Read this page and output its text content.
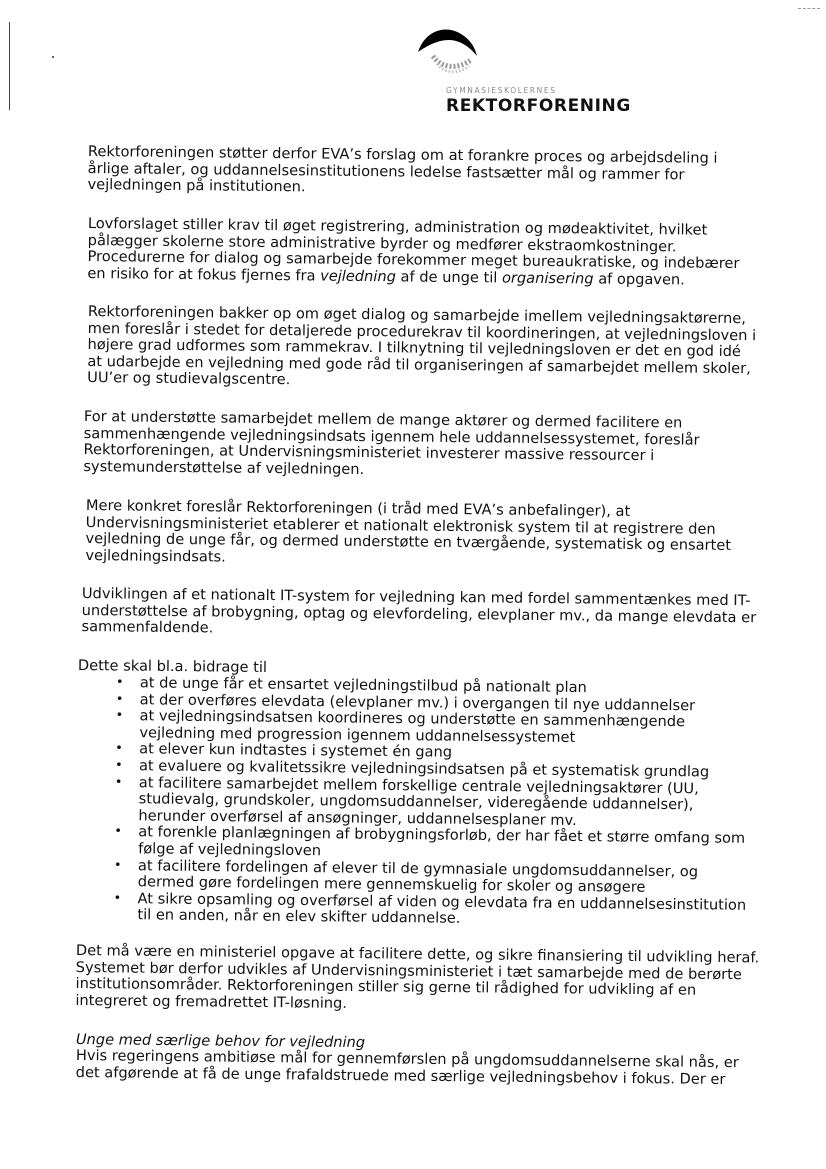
GYMNASIESKOLERNES
REKTORFORENING

Rektorforeningen støtter derfor EVA’s forslag om at forankre proces og arbejdsdeling i årlige aftaler, og uddannelsesinstitutionens ledelse fastsætter mål og rammer for vejledningen på institutionen.

Lovforslaget stiller krav til øget registrering, administration og mødeaktivitet, hvilket pålægger skolerne store administrative byrder og medfører ekstraomkostninger. Procedurerne for dialog og samarbejde forekommer meget bureaukratiske, og indebærer en risiko for at fokus fjernes fra vejledning af de unge til organisering af opgaven.

Rektorforeningen bakker op om øget dialog og samarbejde imellem vejledningsaktørerne, men foreslår i stedet for detaljerede procedurekrav til koordineringen, at vejledningsloven i højere grad udformes som rammekrav. I tilknytning til vejledningsloven er det en god idé at udarbejde en vejledning med gode råd til organiseringen af samarbejdet mellem skoler, UU’er og studievalgscentre.

For at understøtte samarbejdet mellem de mange aktører og dermed facilitere en sammenhængende vejledningsindsats igennem hele uddannelsessystemet, foreslår Rektorforeningen, at Undervisningsministeriet investerer massive ressourcer i systemunderstøttelse af vejledningen.

Mere konkret foreslår Rektorforeningen (i tråd med EVA’s anbefalinger), at Undervisningsministeriet etablerer et nationalt elektronisk system til at registrere den vejledning de unge får, og dermed understøtte en tværgående, systematisk og ensartet vejledningsindsats.

Udviklingen af et nationalt IT-system for vejledning kan med fordel sammentænkes med IT-understøttelse af brobygning, optag og elevfordeling, elevplaner mv., da mange elevdata er sammenfaldende.

Dette skal bl.a. bidrage til

• at de unge får et ensartet vejledningstilbud på nationalt plan
• at der overføres elevdata (elevplaner mv.) i overgangen til nye uddannelser
• at vejledningsindsatsen koordineres og understøtte en sammenhængende vejledning med progression igennem uddannelsessystemet
• at elever kun indtastes i systemet én gang
• at evaluere og kvalitetssikre vejledningsindsatsen på et systematisk grundlag
• at facilitere samarbejdet mellem forskellige centrale vejledningsaktører (UU, studievalg, grundskoler, ungdomsuddannelser, videregående uddannelser), herunder overførsel af ansøgninger, uddannelsesplaner mv.
• at forenkle planlægningen af brobygningsforløb, der har fået et større omfang som følge af vejledningsloven
• at facilitere fordelingen af elever til de gymnasiale ungdomsuddannelser, og dermed gøre fordelingen mere gennemskuelig for skoler og ansøgere
• At sikre opsamling og overførsel af viden og elevdata fra en uddannelsesinstitution til en anden, når en elev skifter uddannelse.

Det må være en ministeriel opgave at facilitere dette, og sikre finansiering til udvikling heraf. Systemet bør derfor udvikles af Undervisningsministeriet i tæt samarbejde med de berørte institutionsområder. Rektorforeningen stiller sig gerne til rådighed for udvikling af en integreret og fremadrettet IT-løsning.

Unge med særlige behov for vejledning

Hvis regeringens ambitiøse mål for gennemførslen på ungdomsuddannelserne skal nås, er det afgørende at få de unge frafaldstruede med særlige vejledningsbehov i fokus. Der er
